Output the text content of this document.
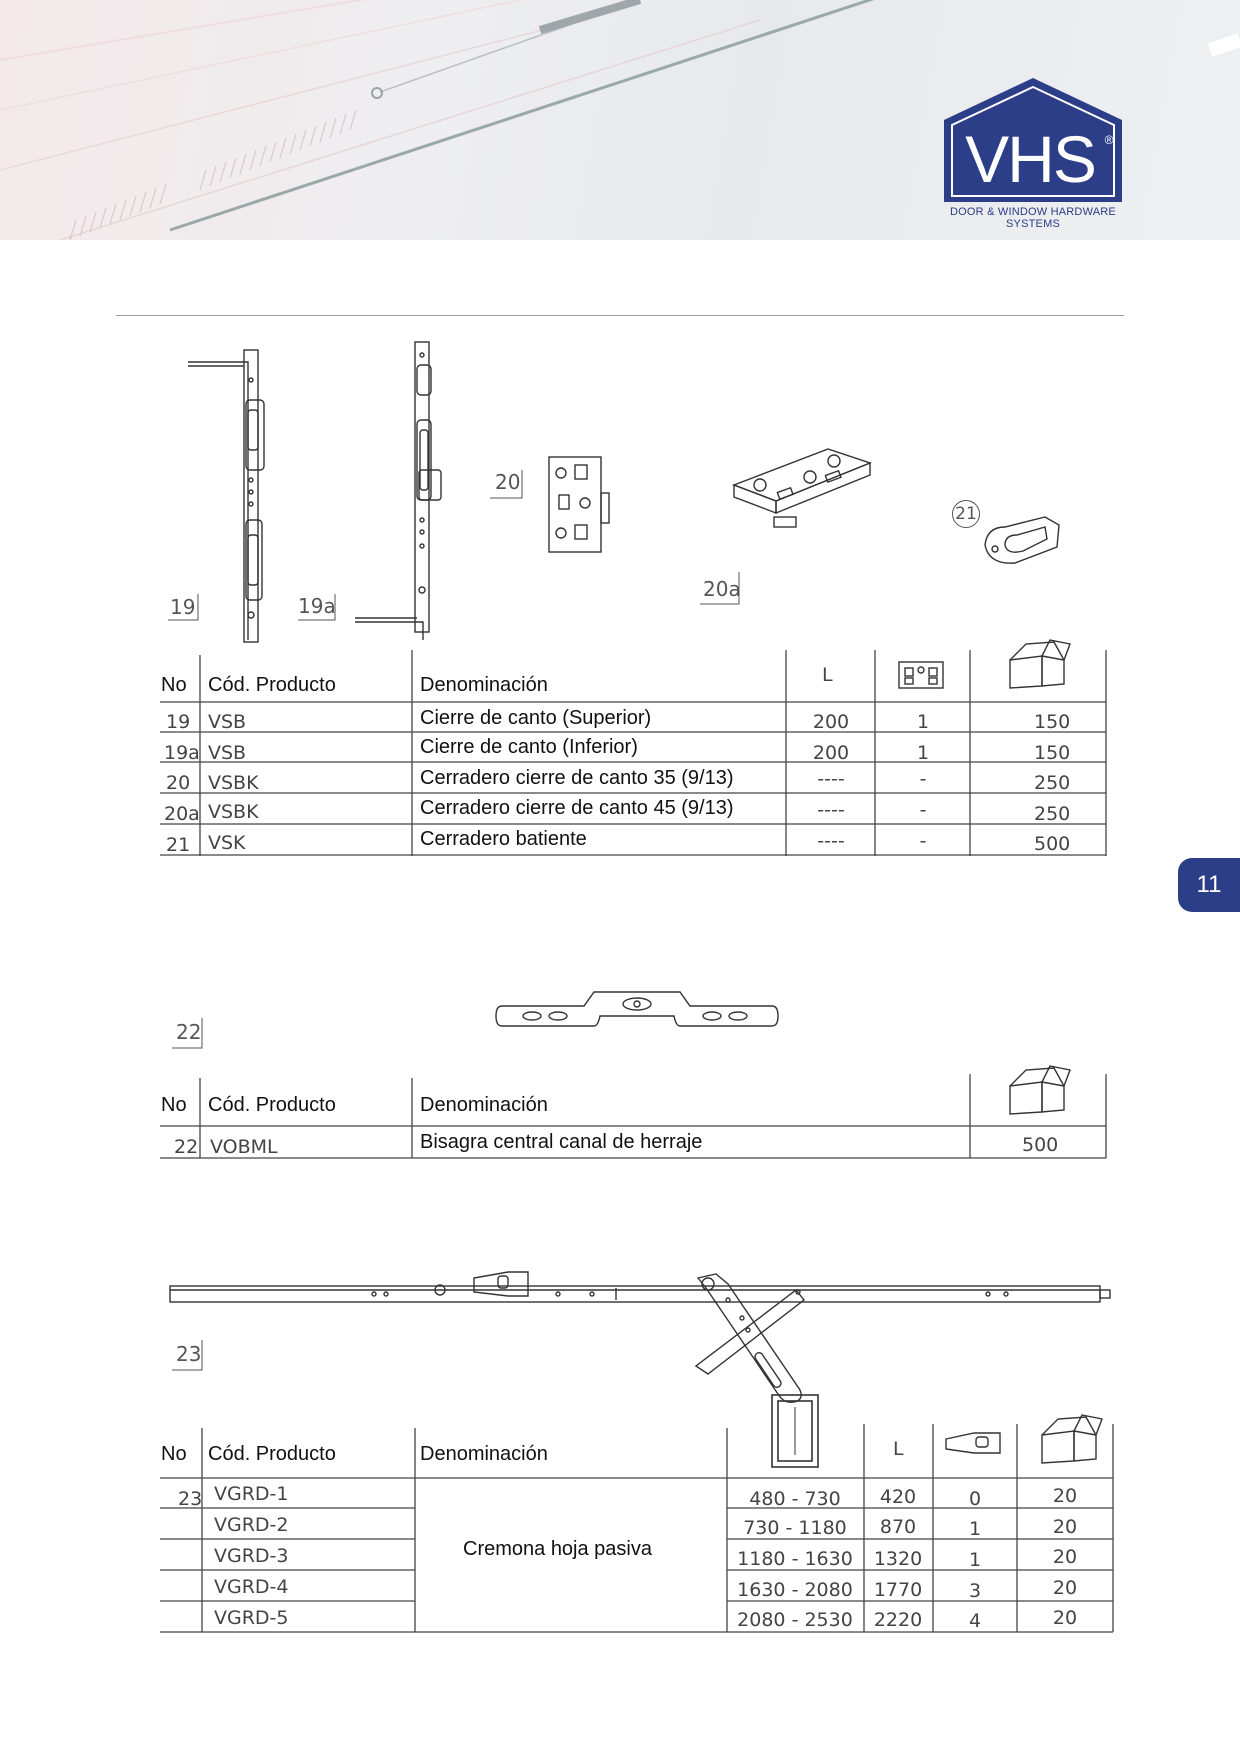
VHS ®
DOOR & WINDOW HARDWARE SYSTEMS
11
19	19a
20
20a
21
No Cód. Producto	Denominación	L
19 VSB	Cierre de canto (Superior)	200	1	150
19a VSB	Cierre de canto (Inferior)	200	1	150
20 VSBK	Cerradero cierre de canto 35 (9/13)	----	-	250
20a VSBK	Cerradero cierre de canto 45 (9/13)	----	-	250
21 VSK	Cerradero batiente	----	-	500
22
No Cód. Producto	Denominación
22 VOBML	Bisagra central canal de herraje	500
23
No Cód. Producto	Denominación	L
23
Cremona hoja pasiva
VGRD-1	480 - 730	420	0	20
VGRD-2	730 - 1180	870	1	20
VGRD-3	1180 - 1630	1320	1	20
VGRD-4	1630 - 2080	1770	3	20
VGRD-5	2080 - 2530	2220	4	20
